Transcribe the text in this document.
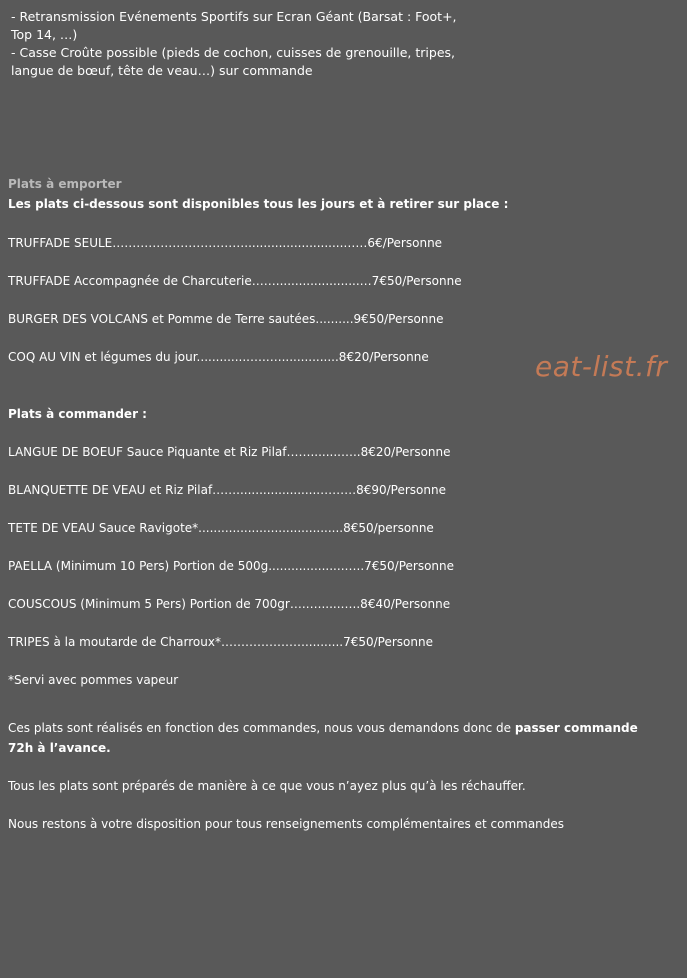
- Retransmission Evénements Sportifs sur Ecran Géant (Barsat : Foot+, Top 14, …)

- Casse Croûte possible (pieds de cochon, cuisses de grenouille, tripes, langue de bœuf, tête de veau…) sur commande

Plats à emporter
Les plats ci-dessous sont disponibles tous les jours et à retirer sur place :
TRUFFADE SEULE……………………………..........................……6€/Personne
TRUFFADE Accompagnée de Charcuterie……......................…7€50/Personne
BURGER DES VOLCANS et Pomme de Terre sautées..........9€50/Personne
COQ AU VIN et légumes du jour..............….…................8€20/Personne	eat-list.fr
Plats à commander :
LANGUE DE BOEUF Sauce Piquante et Riz Pilaf……........…..8€20/Personne
BLANQUETTE DE VEAU et Riz Pilaf……......................………8€90/Personne
TETE DE VEAU Sauce Ravigote*......................................8€50/personne
PAELLA (Minimum 10 Pers) Portion de 500g....................…..7€50/Personne
COUSCOUS (Minimum 5 Pers) Portion de 700gr….…......…..8€40/Personne
TRIPES à la moutarde de Charroux*…………………..........7€50/Personne
*Servi avec pommes vapeur
Ces plats sont réalisés en fonction des commandes, nous vous demandons donc de passer commande 72h à l’avance.
Tous les plats sont préparés de manière à ce que vous n’ayez plus qu’à les réchauffer.
Nous restons à votre disposition pour tous renseignements complémentaires et commandes
